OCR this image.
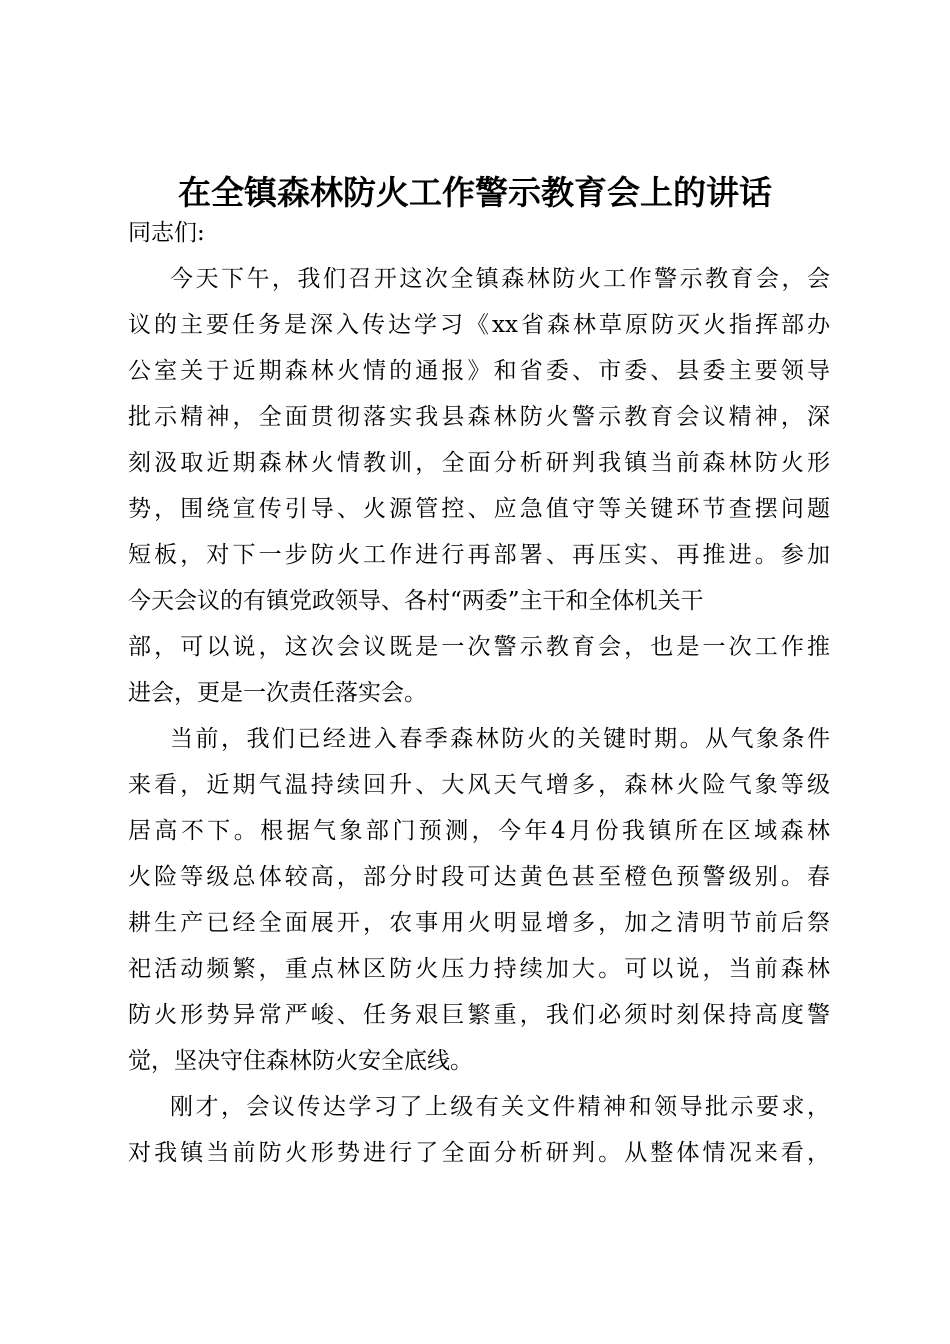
在全镇森林防火工作警示教育会上的讲话
同志们:
今天下午，我们召开这次全镇森林防火工作警示教育会，会
议的主要任务是深入传达学习《xx省森林草原防灭火指挥部办
公室关于近期森林火情的通报》和省委、市委、县委主要领导
批示精神，全面贯彻落实我县森林防火警示教育会议精神，深
刻汲取近期森林火情教训，全面分析研判我镇当前森林防火形
势，围绕宣传引导、火源管控、应急值守等关键环节查摆问题
短板，对下一步防火工作进行再部署、再压实、再推进。参加
今天会议的有镇党政领导、各村“两委”主干和全体机关干
部，可以说，这次会议既是一次警示教育会，也是一次工作推
进会，更是一次责任落实会。
当前，我们已经进入春季森林防火的关键时期。从气象条件
来看，近期气温持续回升、大风天气增多，森林火险气象等级
居高不下。根据气象部门预测，今年4月份我镇所在区域森林
火险等级总体较高，部分时段可达黄色甚至橙色预警级别。春
耕生产已经全面展开，农事用火明显增多，加之清明节前后祭
祀活动频繁，重点林区防火压力持续加大。可以说，当前森林
防火形势异常严峻、任务艰巨繁重，我们必须时刻保持高度警
觉，坚决守住森林防火安全底线。
刚才，会议传达学习了上级有关文件精神和领导批示要求，
对我镇当前防火形势进行了全面分析研判。从整体情况来看，
